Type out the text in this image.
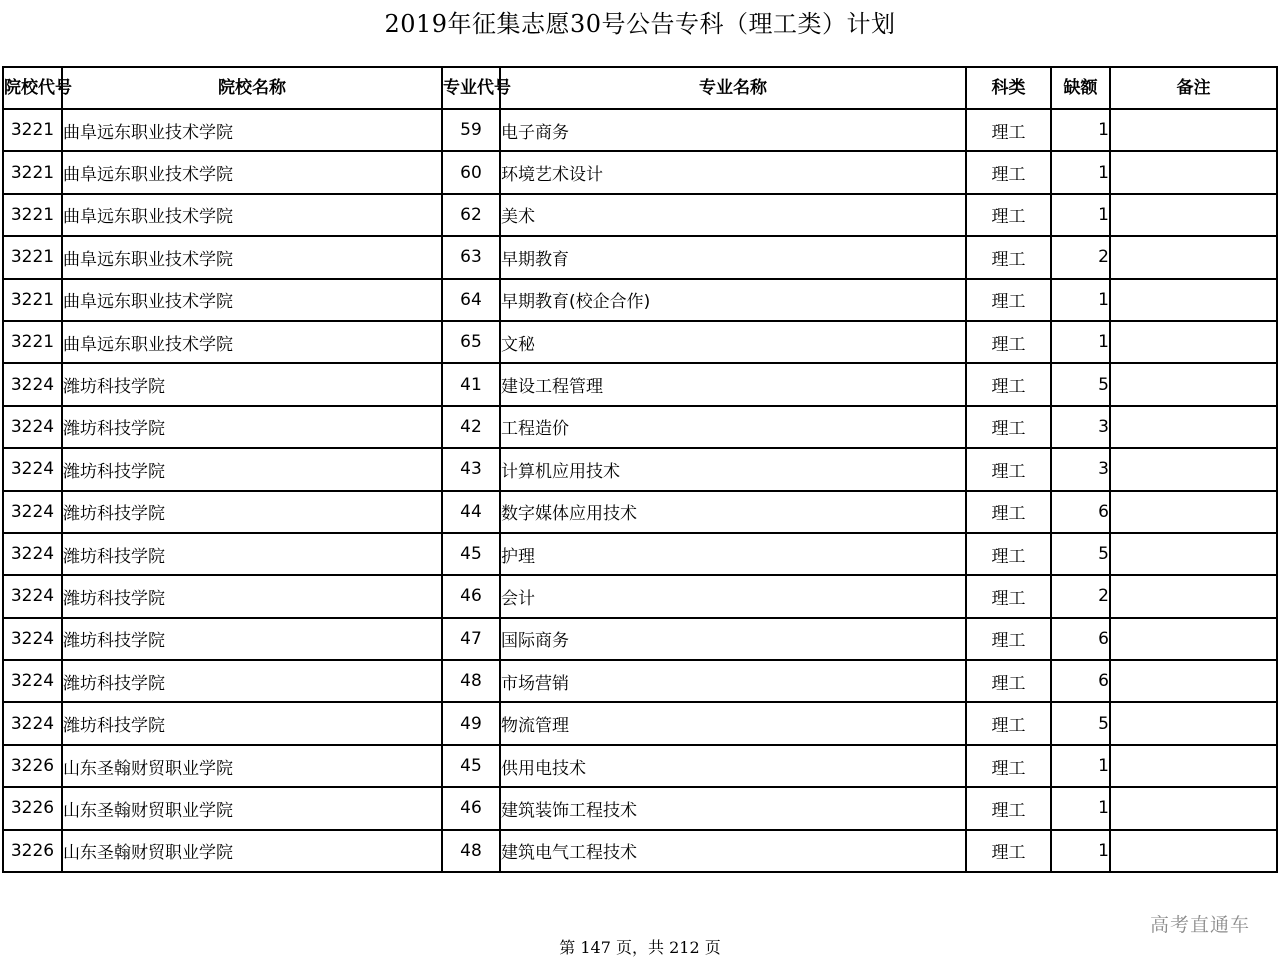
2019年征集志愿30号公告专科（理工类）计划
院校代号	院校名称	专业代号	专业名称	科类	缺额	备注
3221	曲阜远东职业技术学院	59	电子商务	理工	1	
3221	曲阜远东职业技术学院	60	环境艺术设计	理工	1	
3221	曲阜远东职业技术学院	62	美术	理工	1	
3221	曲阜远东职业技术学院	63	早期教育	理工	2	
3221	曲阜远东职业技术学院	64	早期教育(校企合作)	理工	1	
3221	曲阜远东职业技术学院	65	文秘	理工	1	
3224	潍坊科技学院	41	建设工程管理	理工	5	
3224	潍坊科技学院	42	工程造价	理工	3	
3224	潍坊科技学院	43	计算机应用技术	理工	3	
3224	潍坊科技学院	44	数字媒体应用技术	理工	6	
3224	潍坊科技学院	45	护理	理工	5	
3224	潍坊科技学院	46	会计	理工	2	
3224	潍坊科技学院	47	国际商务	理工	6	
3224	潍坊科技学院	48	市场营销	理工	6	
3224	潍坊科技学院	49	物流管理	理工	5	
3226	山东圣翰财贸职业学院	45	供用电技术	理工	1	
3226	山东圣翰财贸职业学院	46	建筑装饰工程技术	理工	1	
3226	山东圣翰财贸职业学院	48	建筑电气工程技术	理工	1	
高考直通车
第 147 页，共 212 页
